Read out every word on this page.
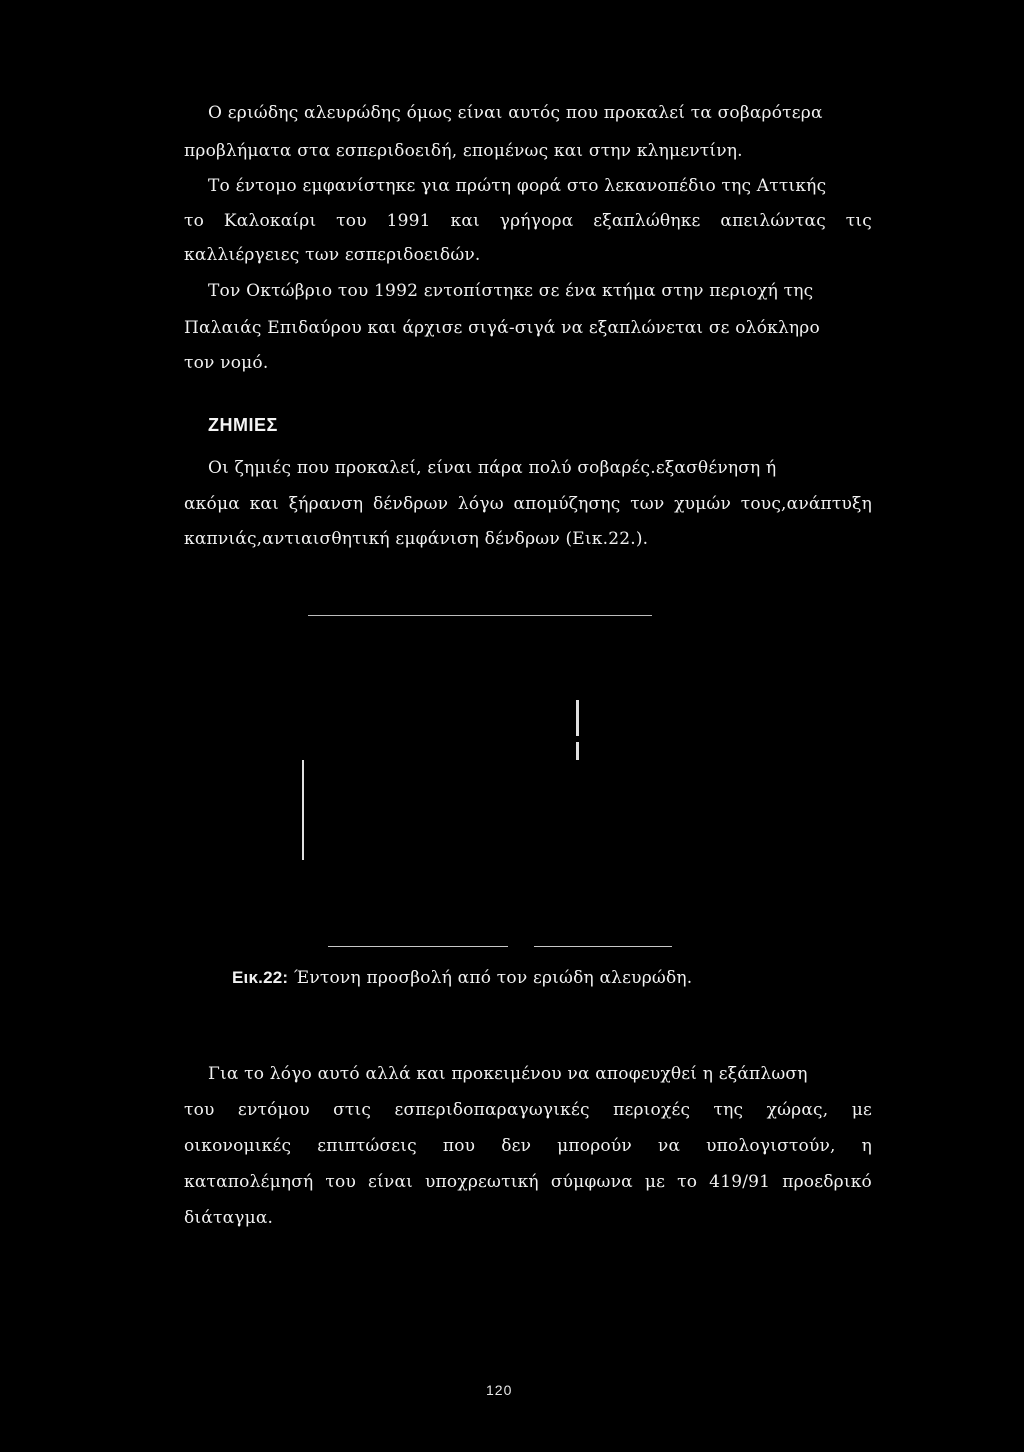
Ο εριώδης αλευρώδης όμως είναι αυτός που προκαλεί τα σοβαρότερα
προβλήματα στα εσπεριδοειδή, επομένως και στην κλημεντίνη.
Το έντομο εμφανίστηκε για πρώτη φορά στο λεκανοπέδιο της Αττικής
το Καλοκαίρι του 1991 και γρήγορα εξαπλώθηκε απειλώντας τις
καλλιέργειες των εσπεριδοειδών.
Τον Οκτώβριο του 1992 εντοπίστηκε σε ένα κτήμα στην περιοχή της
Παλαιάς Επιδαύρου και άρχισε σιγά-σιγά να εξαπλώνεται σε ολόκληρο
τον νομό.
ΖΗΜΙΕΣ
Οι ζημιές που προκαλεί, είναι πάρα πολύ σοβαρές.εξασθένηση ή
ακόμα και ξήρανση δένδρων λόγω απομύζησης των χυμών τους,ανάπτυξη
καπνιάς,αντιαισθητική εμφάνιση δένδρων (Εικ.22.).
Εικ.22: Έντονη προσβολή από τον εριώδη αλευρώδη.
Για το λόγο αυτό αλλά και προκειμένου να αποφευχθεί η εξάπλωση
του εντόμου στις εσπεριδοπαραγωγικές περιοχές της χώρας, με
οικονομικές επιπτώσεις που δεν μπορούν να υπολογιστούν, η
καταπολέμησή του είναι υποχρεωτική σύμφωνα με το 419/91 προεδρικό
διάταγμα.
120
